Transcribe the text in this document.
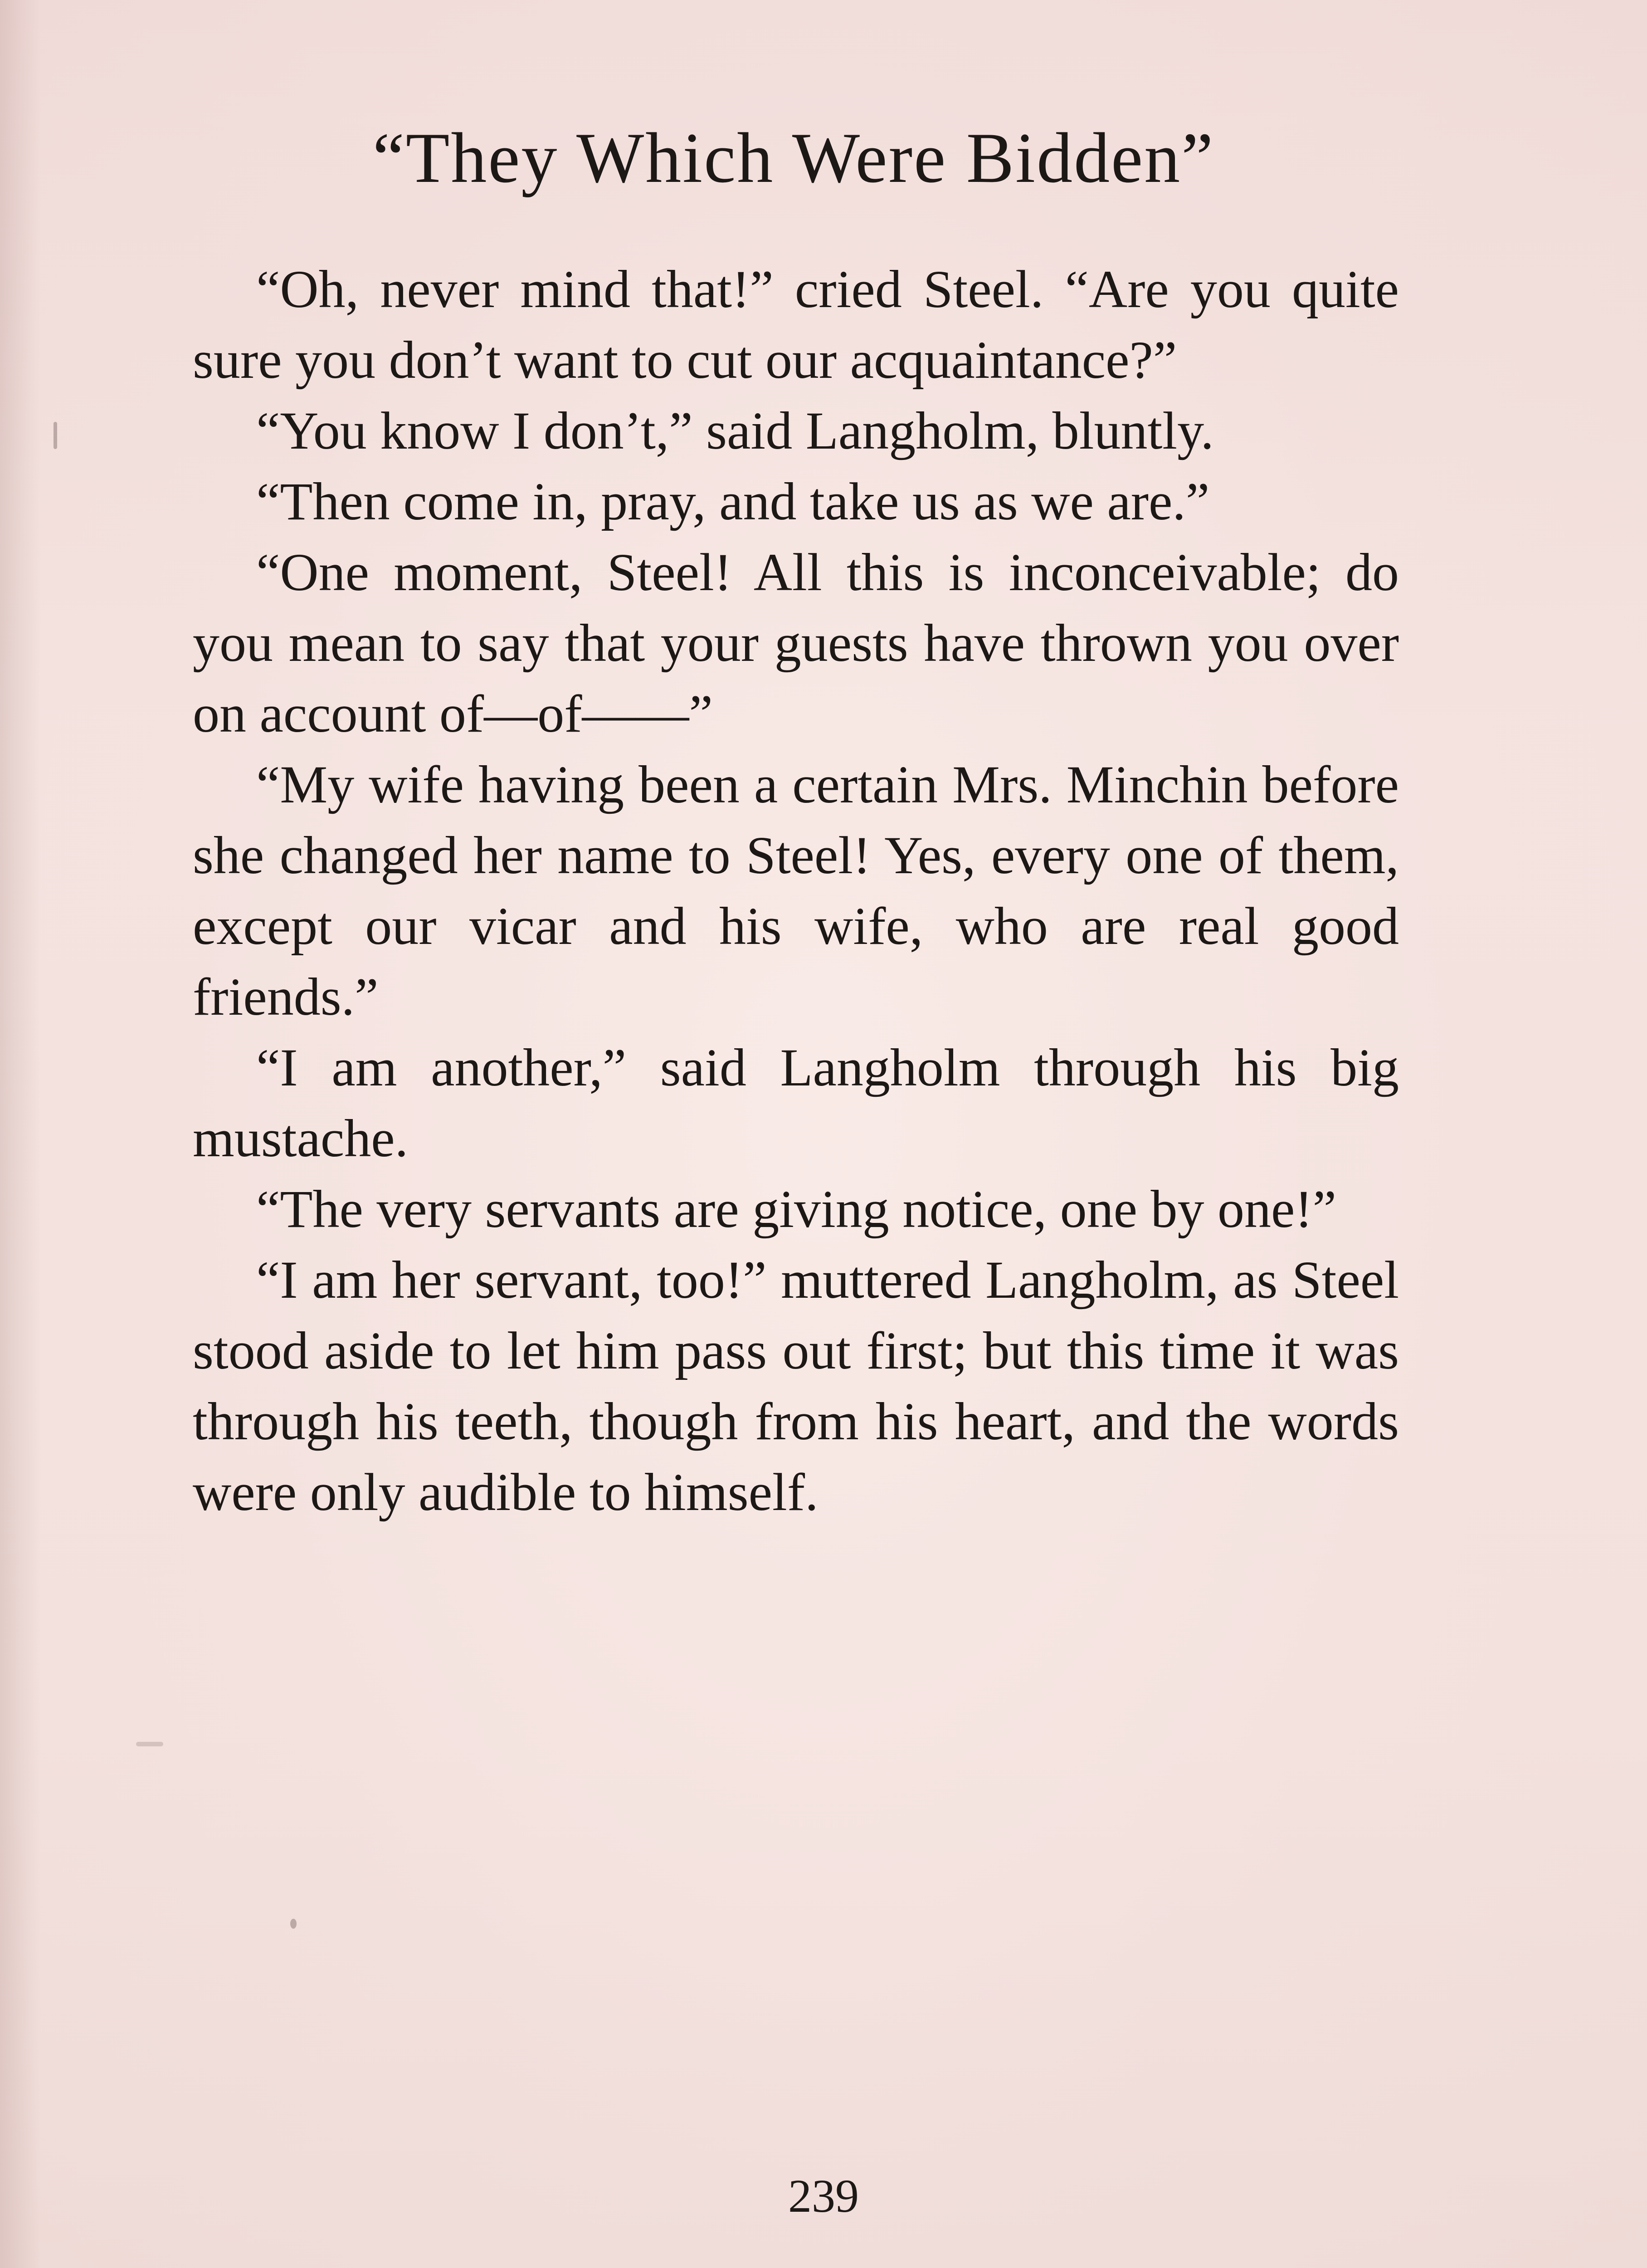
“They Which Were Bidden”

“Oh, never mind that!” cried Steel. “Are you quite sure you don’t want to cut our acquaintance?”

“You know I don’t,” said Langholm, bluntly.

“Then come in, pray, and take us as we are.”

“One moment, Steel! All this is inconceivable; do you mean to say that your guests have thrown you over on account of—of——”

“My wife having been a certain Mrs. Minchin before she changed her name to Steel! Yes, every one of them, except our vicar and his wife, who are real good friends.”

“I am another,” said Langholm through his big mustache.

“The very servants are giving notice, one by one!”

“I am her servant, too!” muttered Langholm, as Steel stood aside to let him pass out first; but this time it was through his teeth, though from his heart, and the words were only audible to himself.

239
